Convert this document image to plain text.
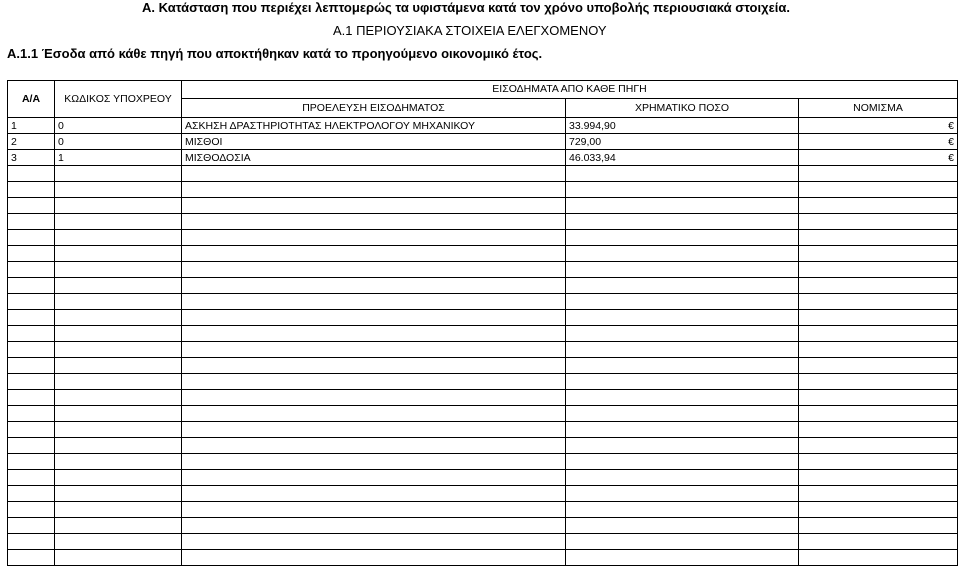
Α. Κατάσταση που περιέχει λεπτομερώς τα υφιστάμενα κατά τον χρόνο υποβολής περιουσιακά στοιχεία.
Α.1 ΠΕΡΙΟΥΣΙΑΚΑ ΣΤΟΙΧΕΙΑ ΕΛΕΓΧΟΜΕΝΟΥ
Α.1.1 Έσοδα από κάθε πηγή που αποκτήθηκαν κατά το προηγούμενο οικονομικό έτος.
Α/Α	ΚΩΔΙΚΟΣ ΥΠΟΧΡΕΟΥ	ΕΙΣΟΔΗΜΑΤΑ ΑΠΟ ΚΑΘΕ ΠΗΓΗ		
		ΠΡΟΕΛΕΥΣΗ ΕΙΣΟΔΗΜΑΤΟΣ	ΧΡΗΜΑΤΙΚΟ ΠΟΣΟ	ΝΟΜΙΣΜΑ
1	0	ΑΣΚΗΣΗ ΔΡΑΣΤΗΡΙΟΤΗΤΑΣ ΗΛΕΚΤΡΟΛΟΓΟΥ ΜΗΧΑΝΙΚΟΥ	33.994,90	€
2	0	ΜΙΣΘΟΙ	729,00	€
3	1	ΜΙΣΘΟΔΟΣΙΑ	46.033,94	€
